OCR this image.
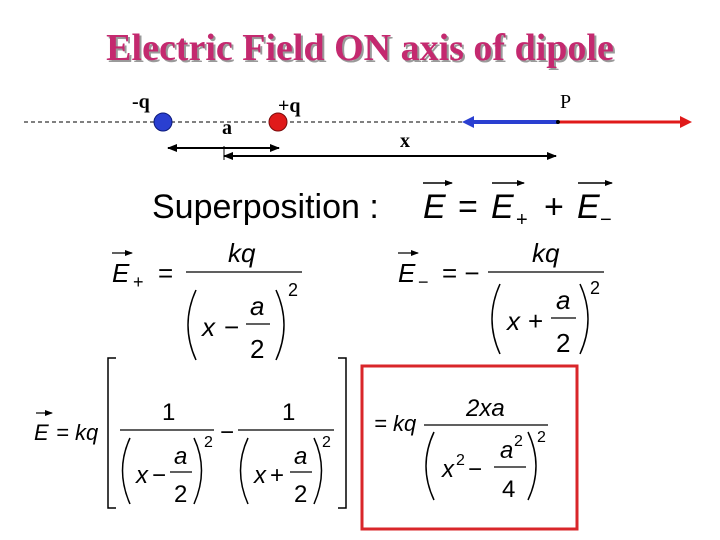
Electric Field ON axis of dipole
-q	+q
a
x
P
Superposition : E = E + + E −
E + =
kq
x −
a
2
2
E − = −
kq
x +
a
2
2
E = kq
1
x −
a
2
2 −
1
x +
a
2
2
= kq
2xa
x 2 −
a 2
4
2
